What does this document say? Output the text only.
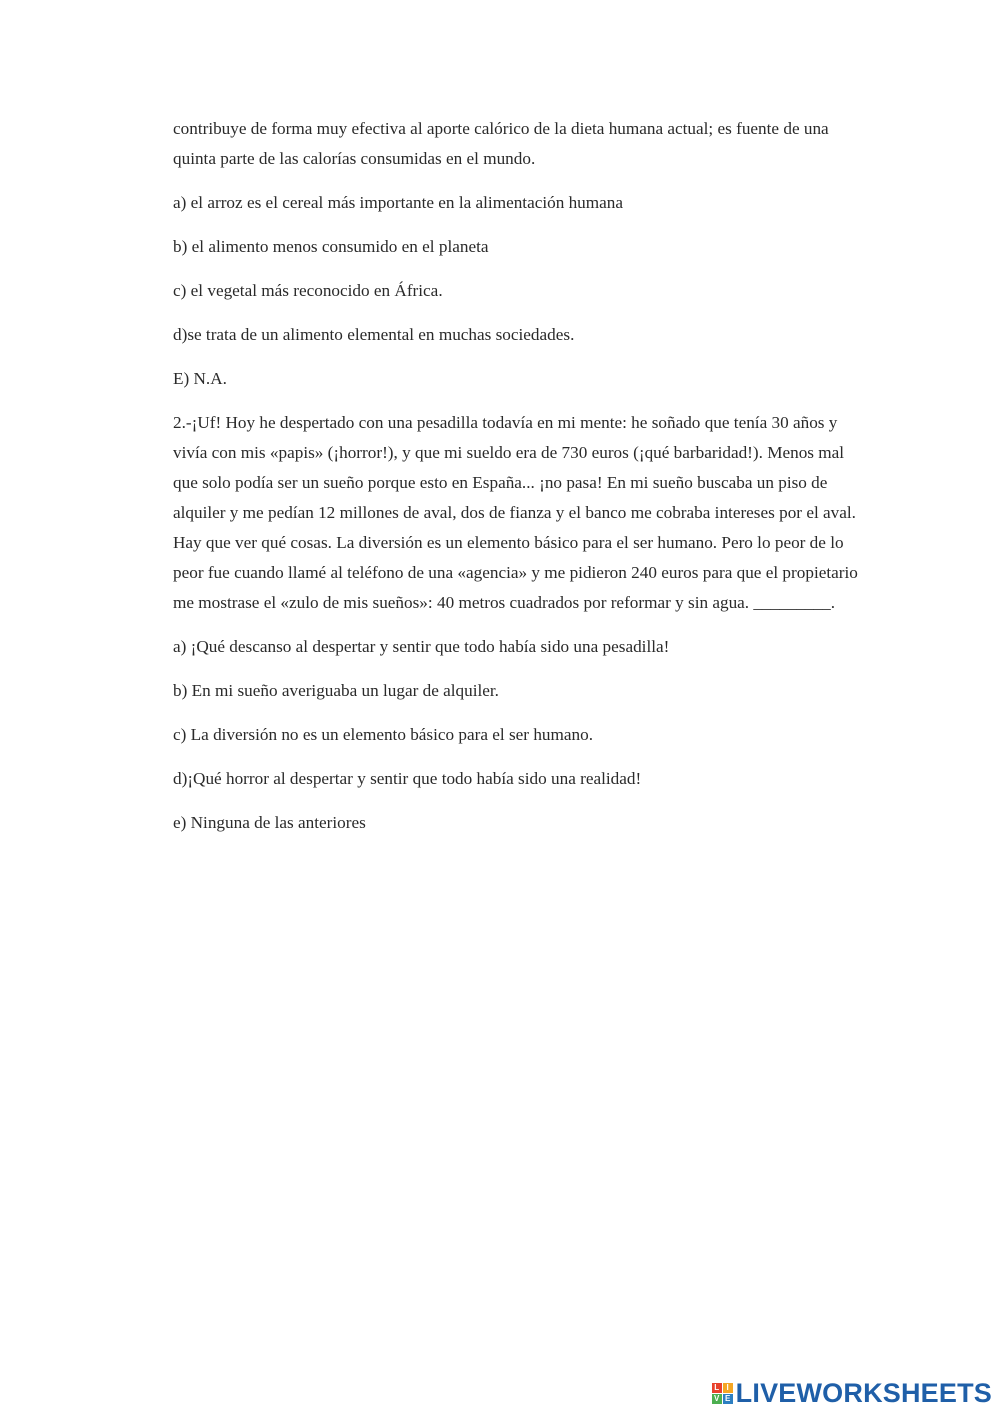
contribuye de forma muy efectiva al aporte calórico de la dieta humana actual; es fuente de una quinta parte de las calorías consumidas en el mundo.

a) el arroz es el cereal más importante en la alimentación humana

b) el alimento menos consumido en el planeta

c) el vegetal más reconocido en África.

d)se trata de un alimento elemental en muchas sociedades.

E) N.A.

2.-¡Uf! Hoy he despertado con una pesadilla todavía en mi mente: he soñado que tenía 30 años y vivía con mis «papis» (¡horror!), y que mi sueldo era de 730 euros (¡qué barbaridad!). Menos mal que solo podía ser un sueño porque esto en España... ¡no pasa! En mi sueño buscaba un piso de alquiler y me pedían 12 millones de aval, dos de fianza y el banco me cobraba intereses por el aval. Hay que ver qué cosas. La diversión es un elemento básico para el ser humano. Pero lo peor de lo peor fue cuando llamé al teléfono de una «agencia» y me pidieron 240 euros para que el propietario me mostrase el «zulo de mis sueños»: 40 metros cuadrados por reformar y sin agua. _________.

a) ¡Qué descanso al despertar y sentir que todo había sido una pesadilla!

b) En mi sueño averiguaba un lugar de alquiler.

c) La diversión no es un elemento básico para el ser humano.

d)¡Qué horror al despertar y sentir que todo había sido una realidad!

e) Ninguna de las anteriores

L I
V E LIVEWORKSHEETS
